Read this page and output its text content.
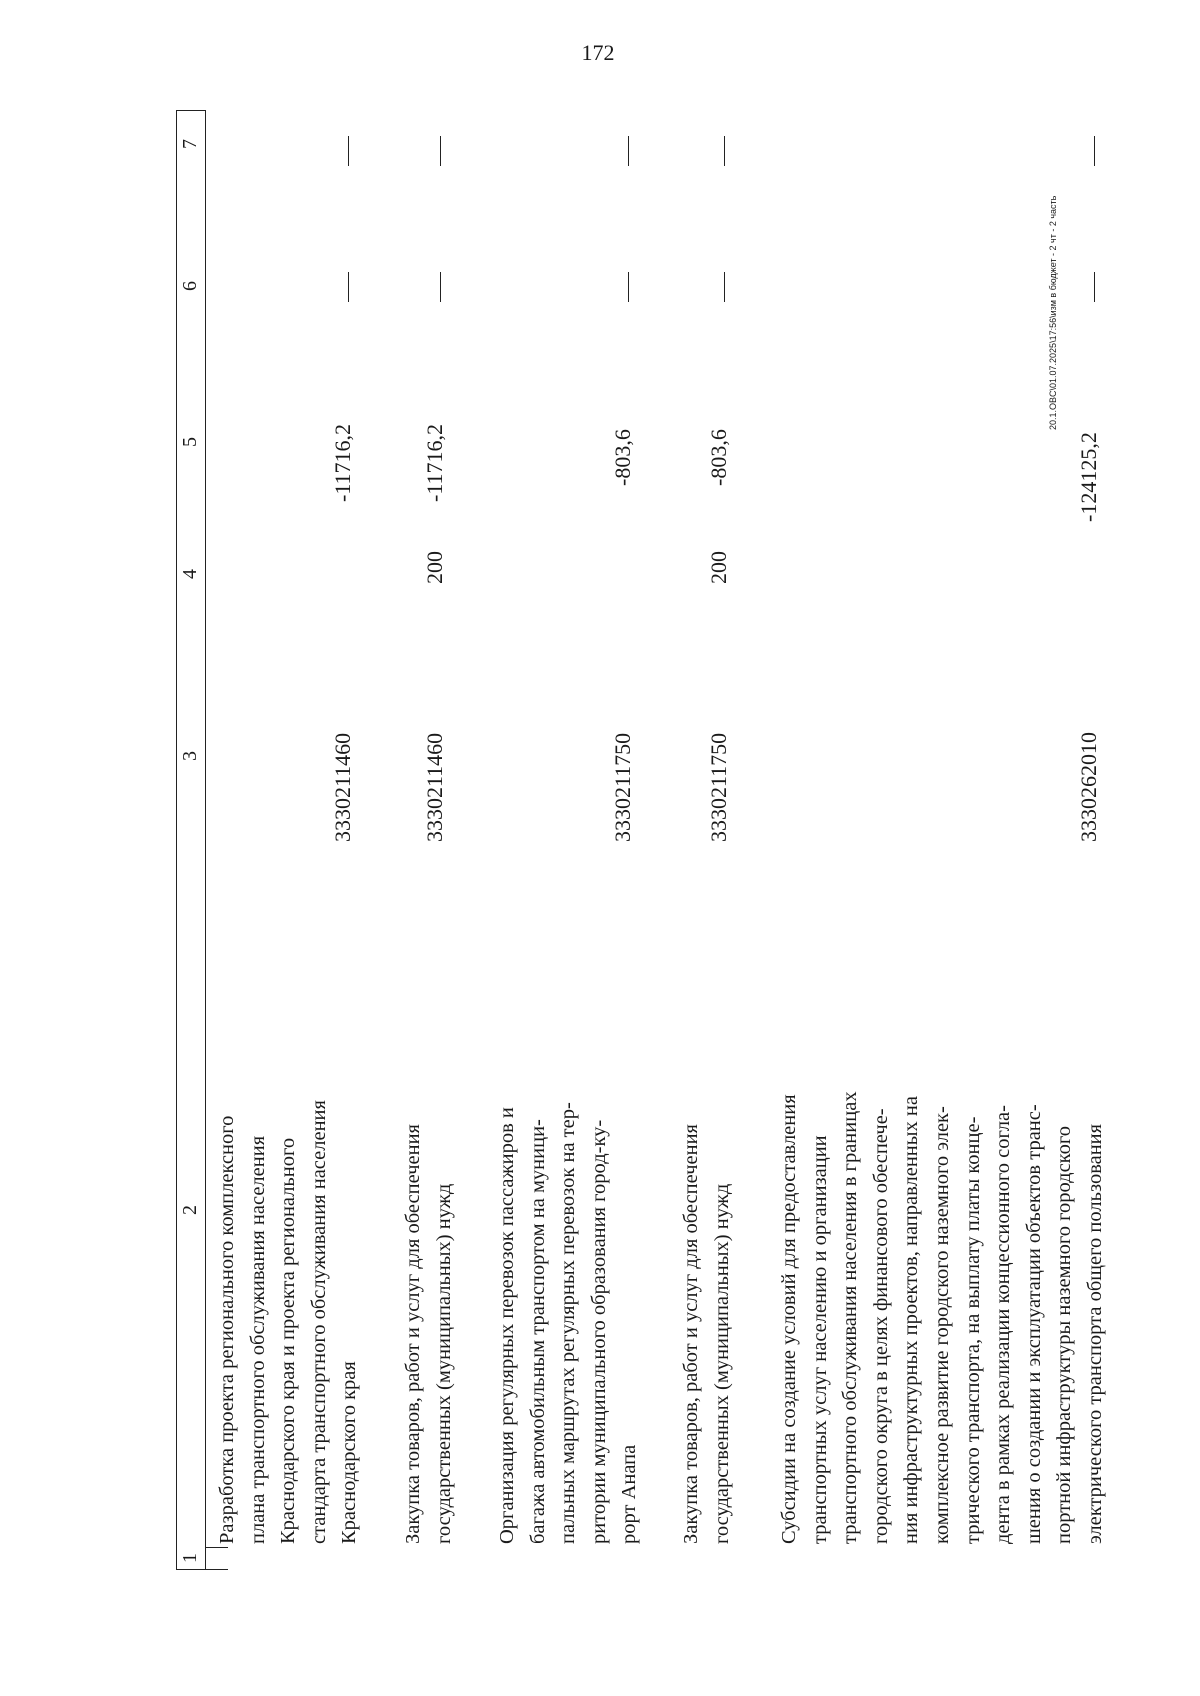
172
1
2
3
4
5
6
7
Разработка проекта регионального комплексного плана транспортного обслуживания населения Краснодарского края и проекта регионального стандарта транспортного обслуживания населения Краснодарского края
3330211460
-11716,2
Закупка товаров, работ и услуг для обеспечения государственных (муниципальных) нужд
3330211460
200
-11716,2
Организация регулярных перевозок пассажиров и багажа автомобильным транспортом на муници- пальных маршрутах регулярных перевозок на тер- ритории муниципального образования город-ку- рорт Анапа
3330211750
-803,6
Закупка товаров, работ и услуг для обеспечения государственных (муниципальных) нужд
3330211750
200
-803,6
Субсидии на создание условий для предоставления транспортных услуг населению и организации транспортного обслуживания населения в границах городского округа в целях финансового обеспече- ния инфраструктурных проектов, направленных на комплексное развитие городского наземного элек- трического транспорта, на выплату платы конце- дента в рамках реализации концессионного согла- шения о создании и эксплуатации объектов транс- портной инфраструктуры наземного городского электрического транспорта общего пользования
3330262010
-124125,2
20.1.OBC\01.07.2025\17:56\изм в бюджет - 2 чт - 2 часть
